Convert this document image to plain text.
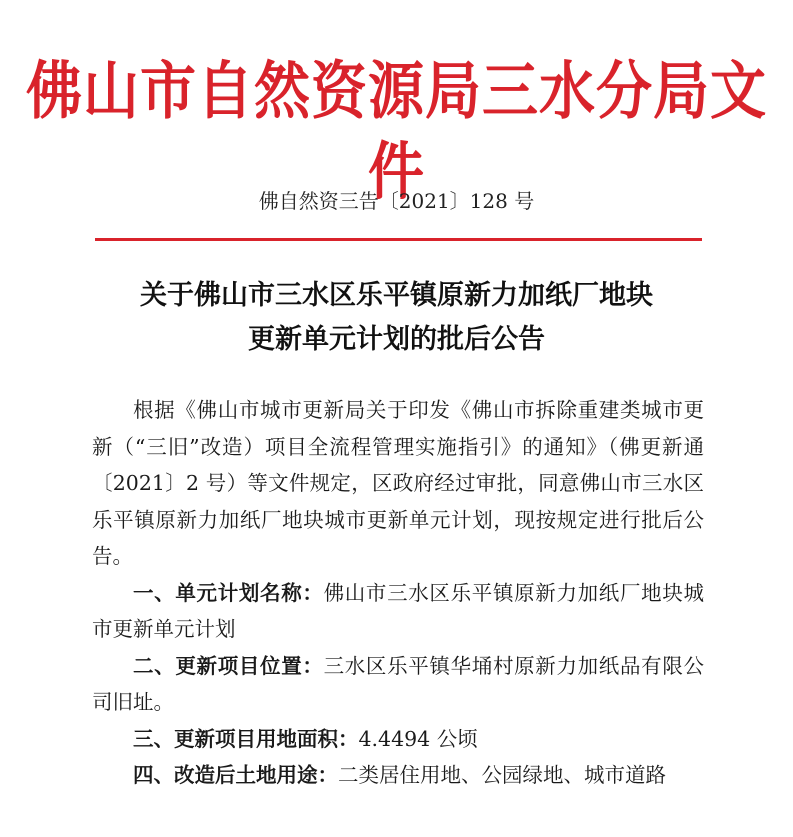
佛山市自然资源局三水分局文件
佛自然资三告〔2021〕128 号
关于佛山市三水区乐平镇原新力加纸厂地块
更新单元计划的批后公告

根据《佛山市城市更新局关于印发《佛山市拆除重建类城市更新（“三旧”改造）项目全流程管理实施指引》的通知》（佛更新通〔2021〕2 号）等文件规定，区政府经过审批，同意佛山市三水区乐平镇原新力加纸厂地块城市更新单元计划，现按规定进行批后公告。

一、单元计划名称：佛山市三水区乐平镇原新力加纸厂地块城市更新单元计划

二、更新项目位置：三水区乐平镇华埇村原新力加纸品有限公司旧址。

三、更新项目用地面积：4.4494 公顷

四、改造后土地用途：二类居住用地、公园绿地、城市道路
